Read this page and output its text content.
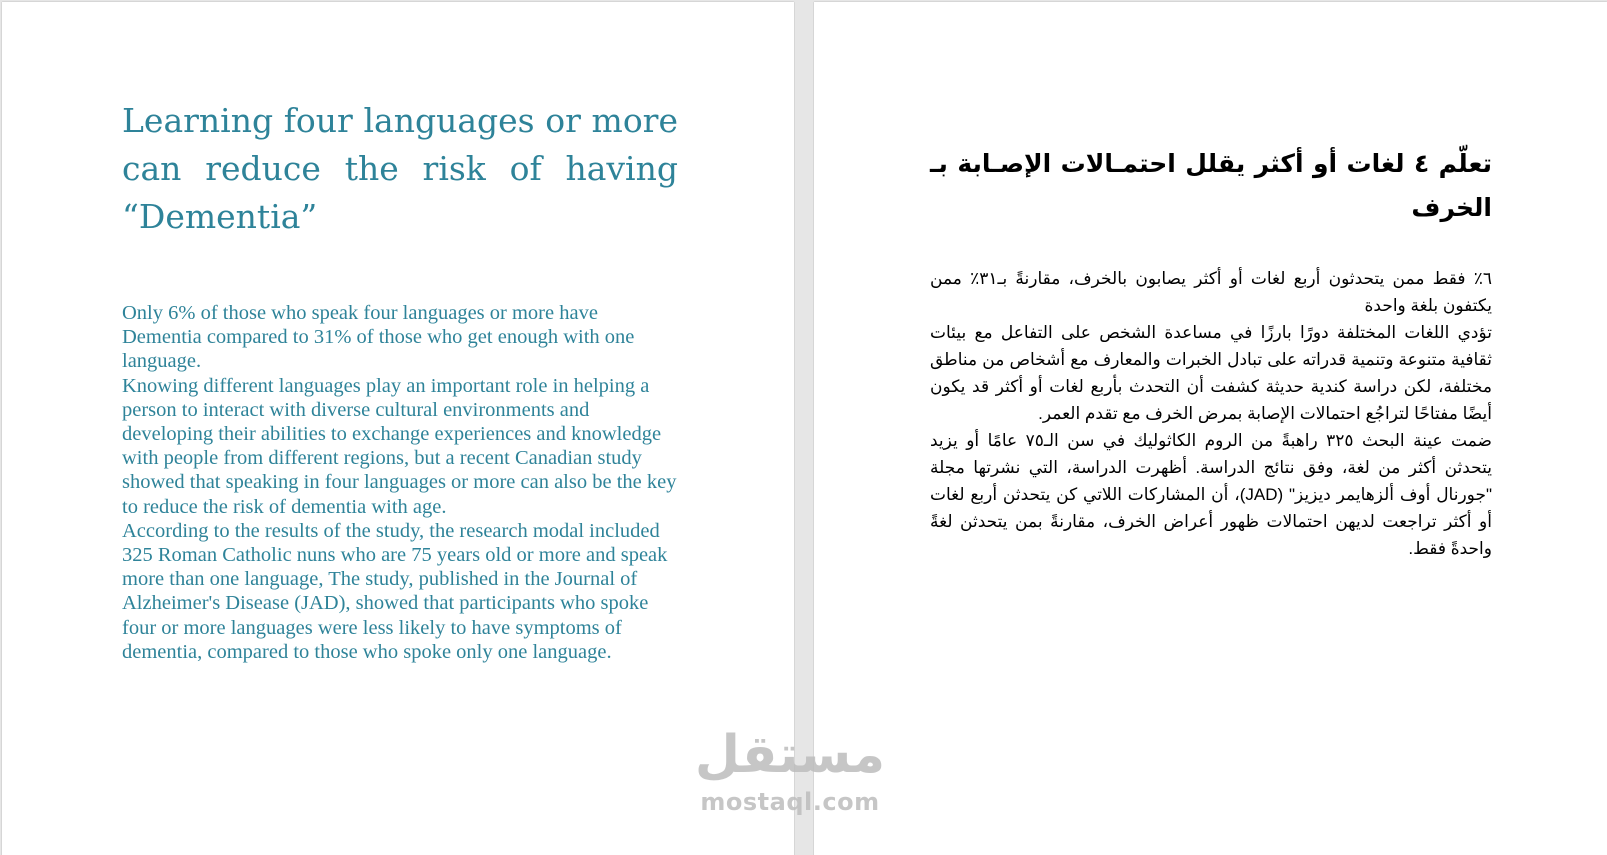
Learning four languages or more can reduce the risk of having “Dementia”

Only 6% of those who speak four languages or more have Dementia compared to 31% of those who get enough with one language.

Knowing different languages play an important role in helping a person to interact with diverse cultural environments and developing their abilities to exchange experiences and knowledge with people from different regions, but a recent Canadian study showed that speaking in four languages or more can also be the key to reduce the risk of dementia with age.

According to the results of the study, the research modal included 325 Roman Catholic nuns who are 75 years old or more and speak more than one language, The study, published in the Journal of Alzheimer's Disease (JAD), showed that participants who spoke four or more languages were less likely to have symptoms of dementia, compared to those who spoke only one language.

تعلّم ٤ لغات أو أكثر يقلل احتمـالات الإصـابة بـ الخرف

٦٪ فقط ممن يتحدثون أربع لغات أو أكثر يصابون بالخرف، مقارنةً بـ٣١٪ ممن يكتفون بلغة واحدة

تؤدي اللغات المختلفة دورًا بارزًا في مساعدة الشخص على التفاعل مع بيئات ثقافية متنوعة وتنمية قدراته على تبادل الخبرات والمعارف مع أشخاص من مناطق مختلفة، لكن دراسة كندية حديثة كشفت أن التحدث بأربع لغات أو أكثر قد يكون أيضًا مفتاحًا لتراجُع احتمالات الإصابة بمرض الخرف مع تقدم العمر.

ضمت عينة البحث ٣٢٥ راهبةً من الروم الكاثوليك في سن الـ٧٥ عامًا أو يزيد يتحدثن أكثر من لغة، وفق نتائج الدراسة. أظهرت الدراسة، التي نشرتها مجلة "جورنال أوف ألزهايمر ديزيز" (JAD)، أن المشاركات اللاتي كن يتحدثن أربع لغات أو أكثر تراجعت لديهن احتمالات ظهور أعراض الخرف، مقارنةً بمن يتحدثن لغةً واحدةً فقط.

مستقل
mostaql.com
